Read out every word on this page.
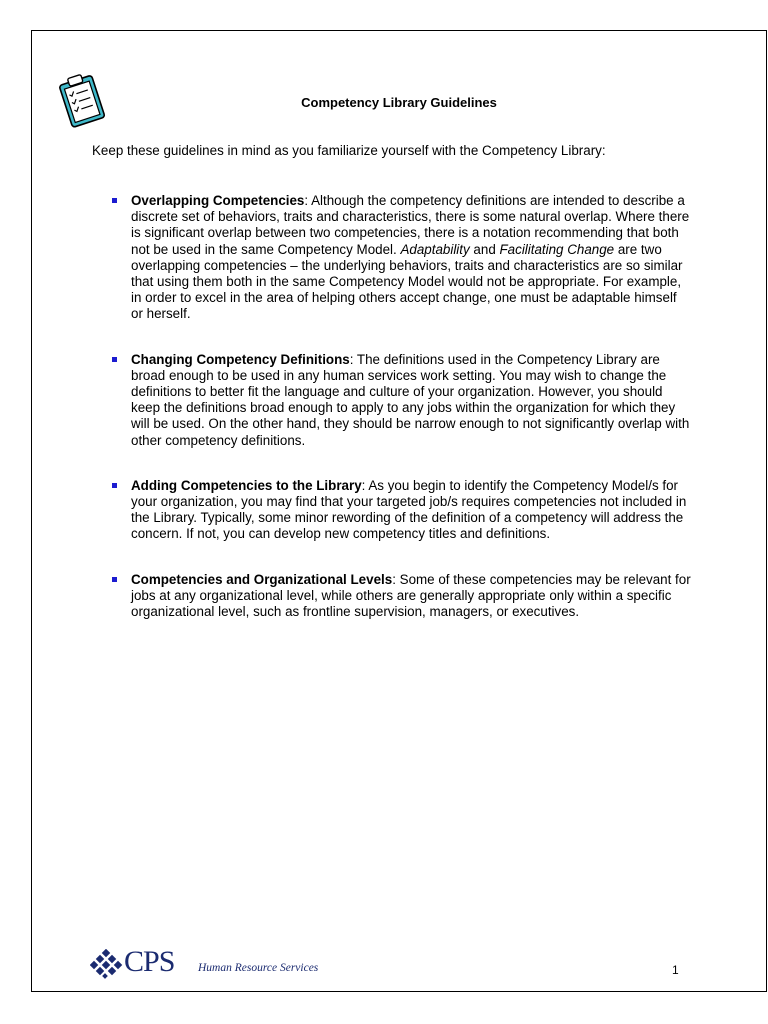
Competency Library Guidelines
Keep these guidelines in mind as you familiarize yourself with the Competency Library:
Overlapping Competencies: Although the competency definitions are intended to describe a discrete set of behaviors, traits and characteristics, there is some natural overlap. Where there is significant overlap between two competencies, there is a notation recommending that both not be used in the same Competency Model. Adaptability and Facilitating Change are two overlapping competencies – the underlying behaviors, traits and characteristics are so similar that using them both in the same Competency Model would not be appropriate. For example, in order to excel in the area of helping others accept change, one must be adaptable himself or herself.
Changing Competency Definitions: The definitions used in the Competency Library are broad enough to be used in any human services work setting. You may wish to change the definitions to better fit the language and culture of your organization. However, you should keep the definitions broad enough to apply to any jobs within the organization for which they will be used. On the other hand, they should be narrow enough to not significantly overlap with other competency definitions.
Adding Competencies to the Library: As you begin to identify the Competency Model/s for your organization, you may find that your targeted job/s requires competencies not included in the Library. Typically, some minor rewording of the definition of a competency will address the concern. If not, you can develop new competency titles and definitions.
Competencies and Organizational Levels: Some of these competencies may be relevant for jobs at any organizational level, while others are generally appropriate only within a specific organizational level, such as frontline supervision, managers, or executives.
CPS Human Resource Services	1
